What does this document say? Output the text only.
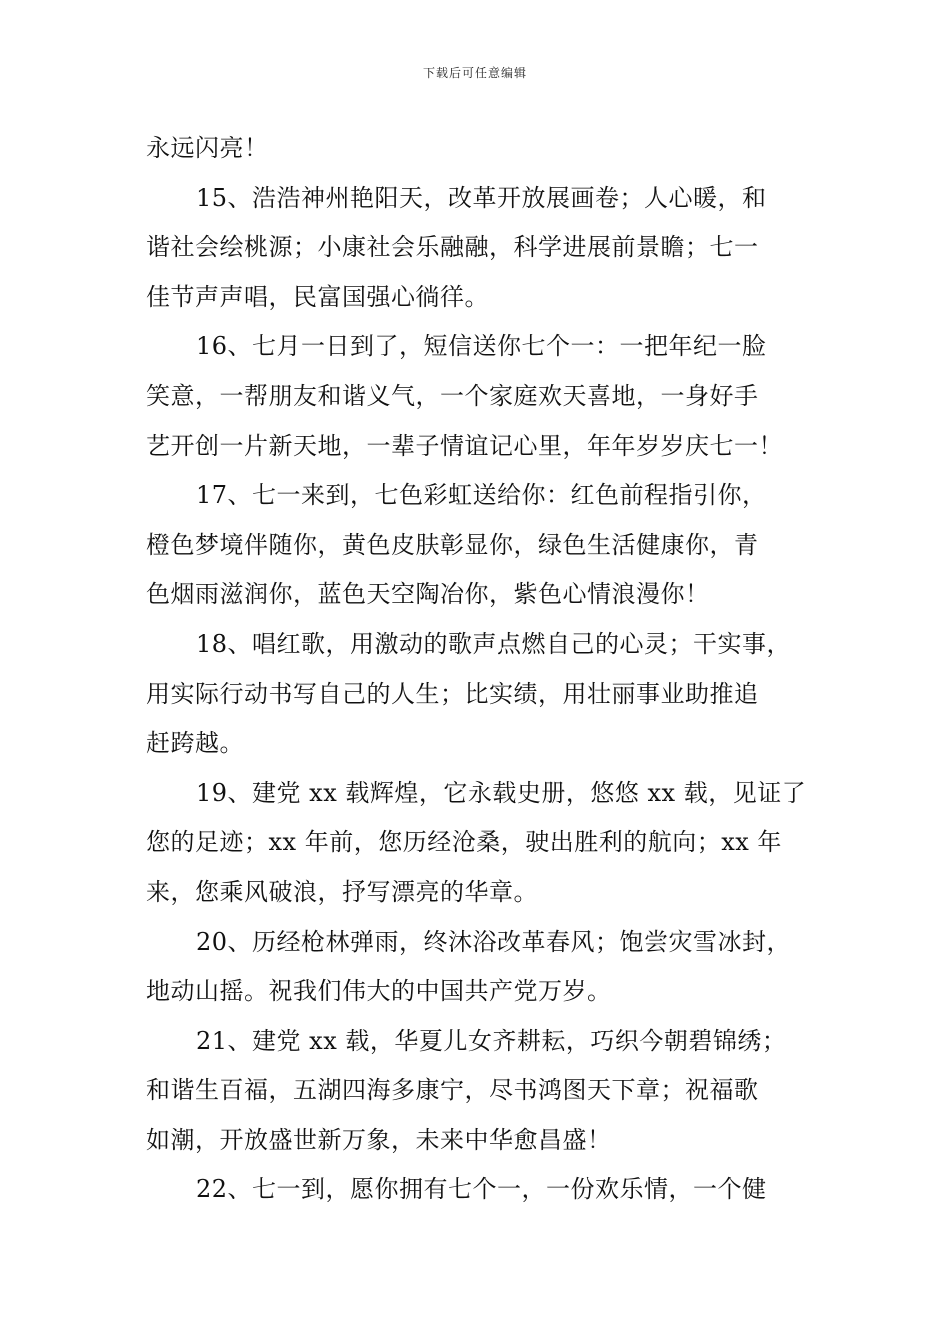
下载后可任意编辑
永远闪亮！
15、浩浩神州艳阳天，改革开放展画卷；人心暖，和
谐社会绘桃源；小康社会乐融融，科学进展前景瞻；七一
佳节声声唱，民富国强心徜徉。
16、七月一日到了，短信送你七个一：一把年纪一脸
笑意，一帮朋友和谐义气，一个家庭欢天喜地，一身好手
艺开创一片新天地，一辈子情谊记心里，年年岁岁庆七一！
17、七一来到，七色彩虹送给你：红色前程指引你，
橙色梦境伴随你，黄色皮肤彰显你，绿色生活健康你，青
色烟雨滋润你，蓝色天空陶冶你，紫色心情浪漫你！
18、唱红歌，用激动的歌声点燃自己的心灵；干实事，
用实际行动书写自己的人生；比实绩，用壮丽事业助推追
赶跨越。
19、建党 xx 载辉煌，它永载史册，悠悠 xx 载，见证了
您的足迹；xx 年前，您历经沧桑，驶出胜利的航向；xx 年
来，您乘风破浪，抒写漂亮的华章。
20、历经枪林弹雨，终沐浴改革春风；饱尝灾雪冰封，
地动山摇。祝我们伟大的中国共产党万岁。
21、建党 xx 载，华夏儿女齐耕耘，巧织今朝碧锦绣；
和谐生百福，五湖四海多康宁，尽书鸿图天下章；祝福歌
如潮，开放盛世新万象，未来中华愈昌盛！
22、七一到，愿你拥有七个一，一份欢乐情，一个健
